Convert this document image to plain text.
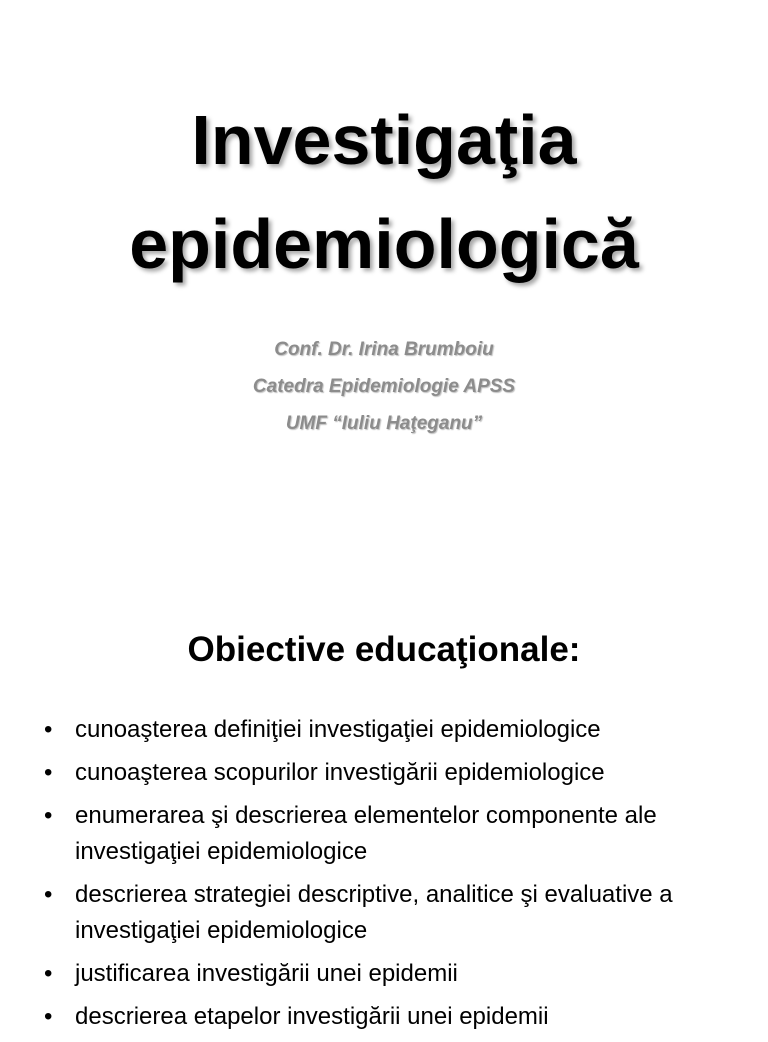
Investigaţia
epidemiologică
Conf. Dr. Irina Brumboiu
Catedra Epidemiologie APSS
UMF “Iuliu Haţeganu”
Obiective educaţionale:
• cunoaşterea definiţiei investigaţiei epidemiologice
• cunoaşterea scopurilor investigării epidemiologice
• enumerarea şi descrierea elementelor componente ale investigaţiei epidemiologice
• descrierea strategiei descriptive, analitice şi evaluative a investigaţiei epidemiologice
• justificarea investigării unei epidemii
• descrierea etapelor investigării unei epidemii
